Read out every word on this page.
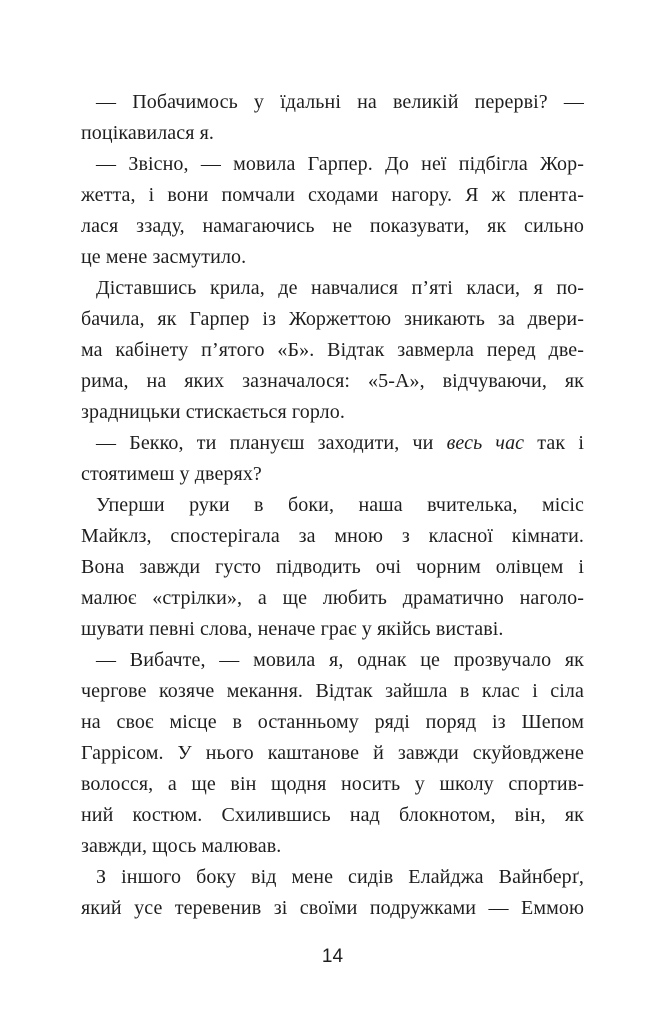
— Побачимось у їдальні на великій перерві? —
поцікавилася я.
— Звісно, — мовила Гарпер. До неї підбігла Жор-
жетта, і вони помчали сходами нагору. Я ж плента-
лася ззаду, намагаючись не показувати, як сильно
це мене засмутило.
Діставшись крила, де навчалися п’яті класи, я по-
бачила, як Гарпер із Жоржеттою зникають за двери-
ма кабінету п’ятого «Б». Відтак завмерла перед две-
рима, на яких зазначалося: «5-А», відчуваючи, як
зрадницьки стискається горло.
— Бекко, ти плануєш заходити, чи весь час так і
стоятимеш у дверях?
Уперши руки в боки, наша вчителька, місіс
Майклз, спостерігала за мною з класної кімнати.
Вона завжди густо підводить очі чорним олівцем і
малює «стрілки», а ще любить драматично наголо-
шувати певні слова, неначе грає у якійсь виставі.
— Вибачте, — мовила я, однак це прозвучало як
чергове козяче мекання. Відтак зайшла в клас і сіла
на своє місце в останньому ряді поряд із Шепом
Гаррісом. У нього каштанове й завжди скуйовджене
волосся, а ще він щодня носить у школу спортив-
ний костюм. Схилившись над блокнотом, він, як
завжди, щось малював.
З іншого боку від мене сидів Елайджа Вайнберґ,
який усе теревенив зі своїми подружками — Еммою
14
